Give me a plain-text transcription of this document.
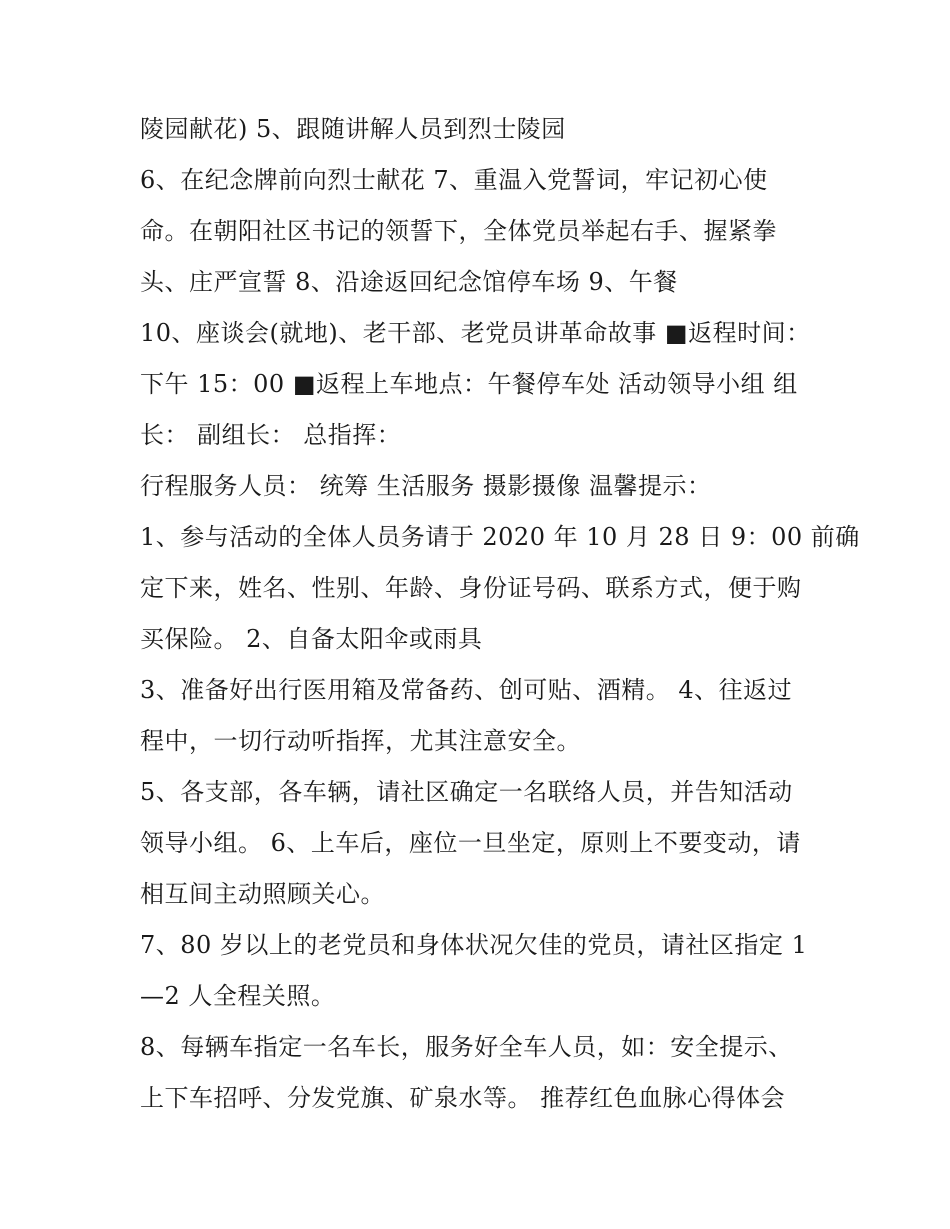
陵园献花) 5、跟随讲解人员到烈士陵园
6、在纪念牌前向烈士献花 7、重温入党誓词，牢记初心使
命。在朝阳社区书记的领誓下，全体党员举起右手、握紧拳
头、庄严宣誓 8、沿途返回纪念馆停车场 9、午餐
10、座谈会(就地)、老干部、老党员讲革命故事 ■返程时间：
下午 15：00 ■返程上车地点：午餐停车处 活动领导小组 组
长： 副组长： 总指挥：
行程服务人员： 统筹 生活服务 摄影摄像 温馨提示：
1、参与活动的全体人员务请于 2020 年 10 月 28 日 9：00 前确
定下来，姓名、性别、年龄、身份证号码、联系方式，便于购
买保险。 2、自备太阳伞或雨具
3、准备好出行医用箱及常备药、创可贴、酒精。 4、往返过
程中，一切行动听指挥，尤其注意安全。
5、各支部，各车辆，请社区确定一名联络人员，并告知活动
领导小组。 6、上车后，座位一旦坐定，原则上不要变动，请
相互间主动照顾关心。
7、80 岁以上的老党员和身体状况欠佳的党员，请社区指定 1
—2 人全程关照。
8、每辆车指定一名车长，服务好全车人员，如：安全提示、
上下车招呼、分发党旗、矿泉水等。 推荐红色血脉心得体会
